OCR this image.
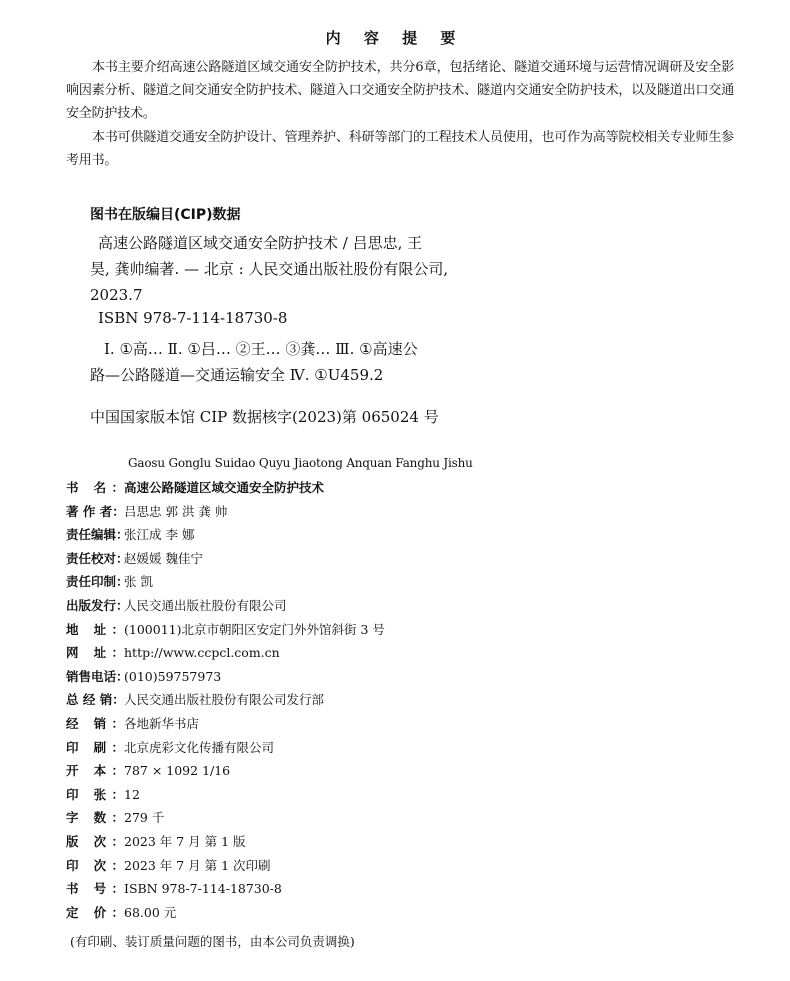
内 容 提 要
本书主要介绍高速公路隧道区域交通安全防护技术，共分6章，包括绪论、隧道交通环境与运营情况调研及安全影响因素分析、隧道之间交通安全防护技术、隧道入口交通安全防护技术、隧道内交通安全防护技术，以及隧道出口交通安全防护技术。
本书可供隧道交通安全防护设计、管理养护、科研等部门的工程技术人员使用，也可作为高等院校相关专业师生参考用书。
图书在版编目(CIP)数据
高速公路隧道区域交通安全防护技术 / 吕思忠, 王
昊, 龚帅编著. — 北京 : 人民交通出版社股份有限公司,
2023.7
ISBN 978-7-114-18730-8
Ⅰ. ①高… Ⅱ. ①吕… ②王… ③龚… Ⅲ. ①高速公
路—公路隧道—交通运输安全 Ⅳ. ①U459.2
中国国家版本馆 CIP 数据核字(2023)第 065024 号
Gaosu Gonglu Suidao Quyu Jiaotong Anquan Fanghu Jishu
书 名 ： 高速公路隧道区域交通安全防护技术
著 作 者 ： 吕思忠 郭 洪 龚 帅
责任编辑 ： 张江成 李 娜
责任校对 ： 赵媛媛 魏佳宁
责任印制 ： 张 凯
出版发行 ： 人民交通出版社股份有限公司
地 址 ： (100011)北京市朝阳区安定门外外馆斜街 3 号
网 址 ： http://www.ccpcl.com.cn
销售电话 ： (010)59757973
总 经 销 ： 人民交通出版社股份有限公司发行部
经 销 ： 各地新华书店
印 刷 ： 北京虎彩文化传播有限公司
开 本 ： 787 × 1092 1/16
印 张 ： 12
字 数 ： 279 千
版 次 ： 2023 年 7 月 第 1 版
印 次 ： 2023 年 7 月 第 1 次印刷
书 号 ： ISBN 978-7-114-18730-8
定 价 ： 68.00 元
(有印刷、装订质量问题的图书，由本公司负责调换)
